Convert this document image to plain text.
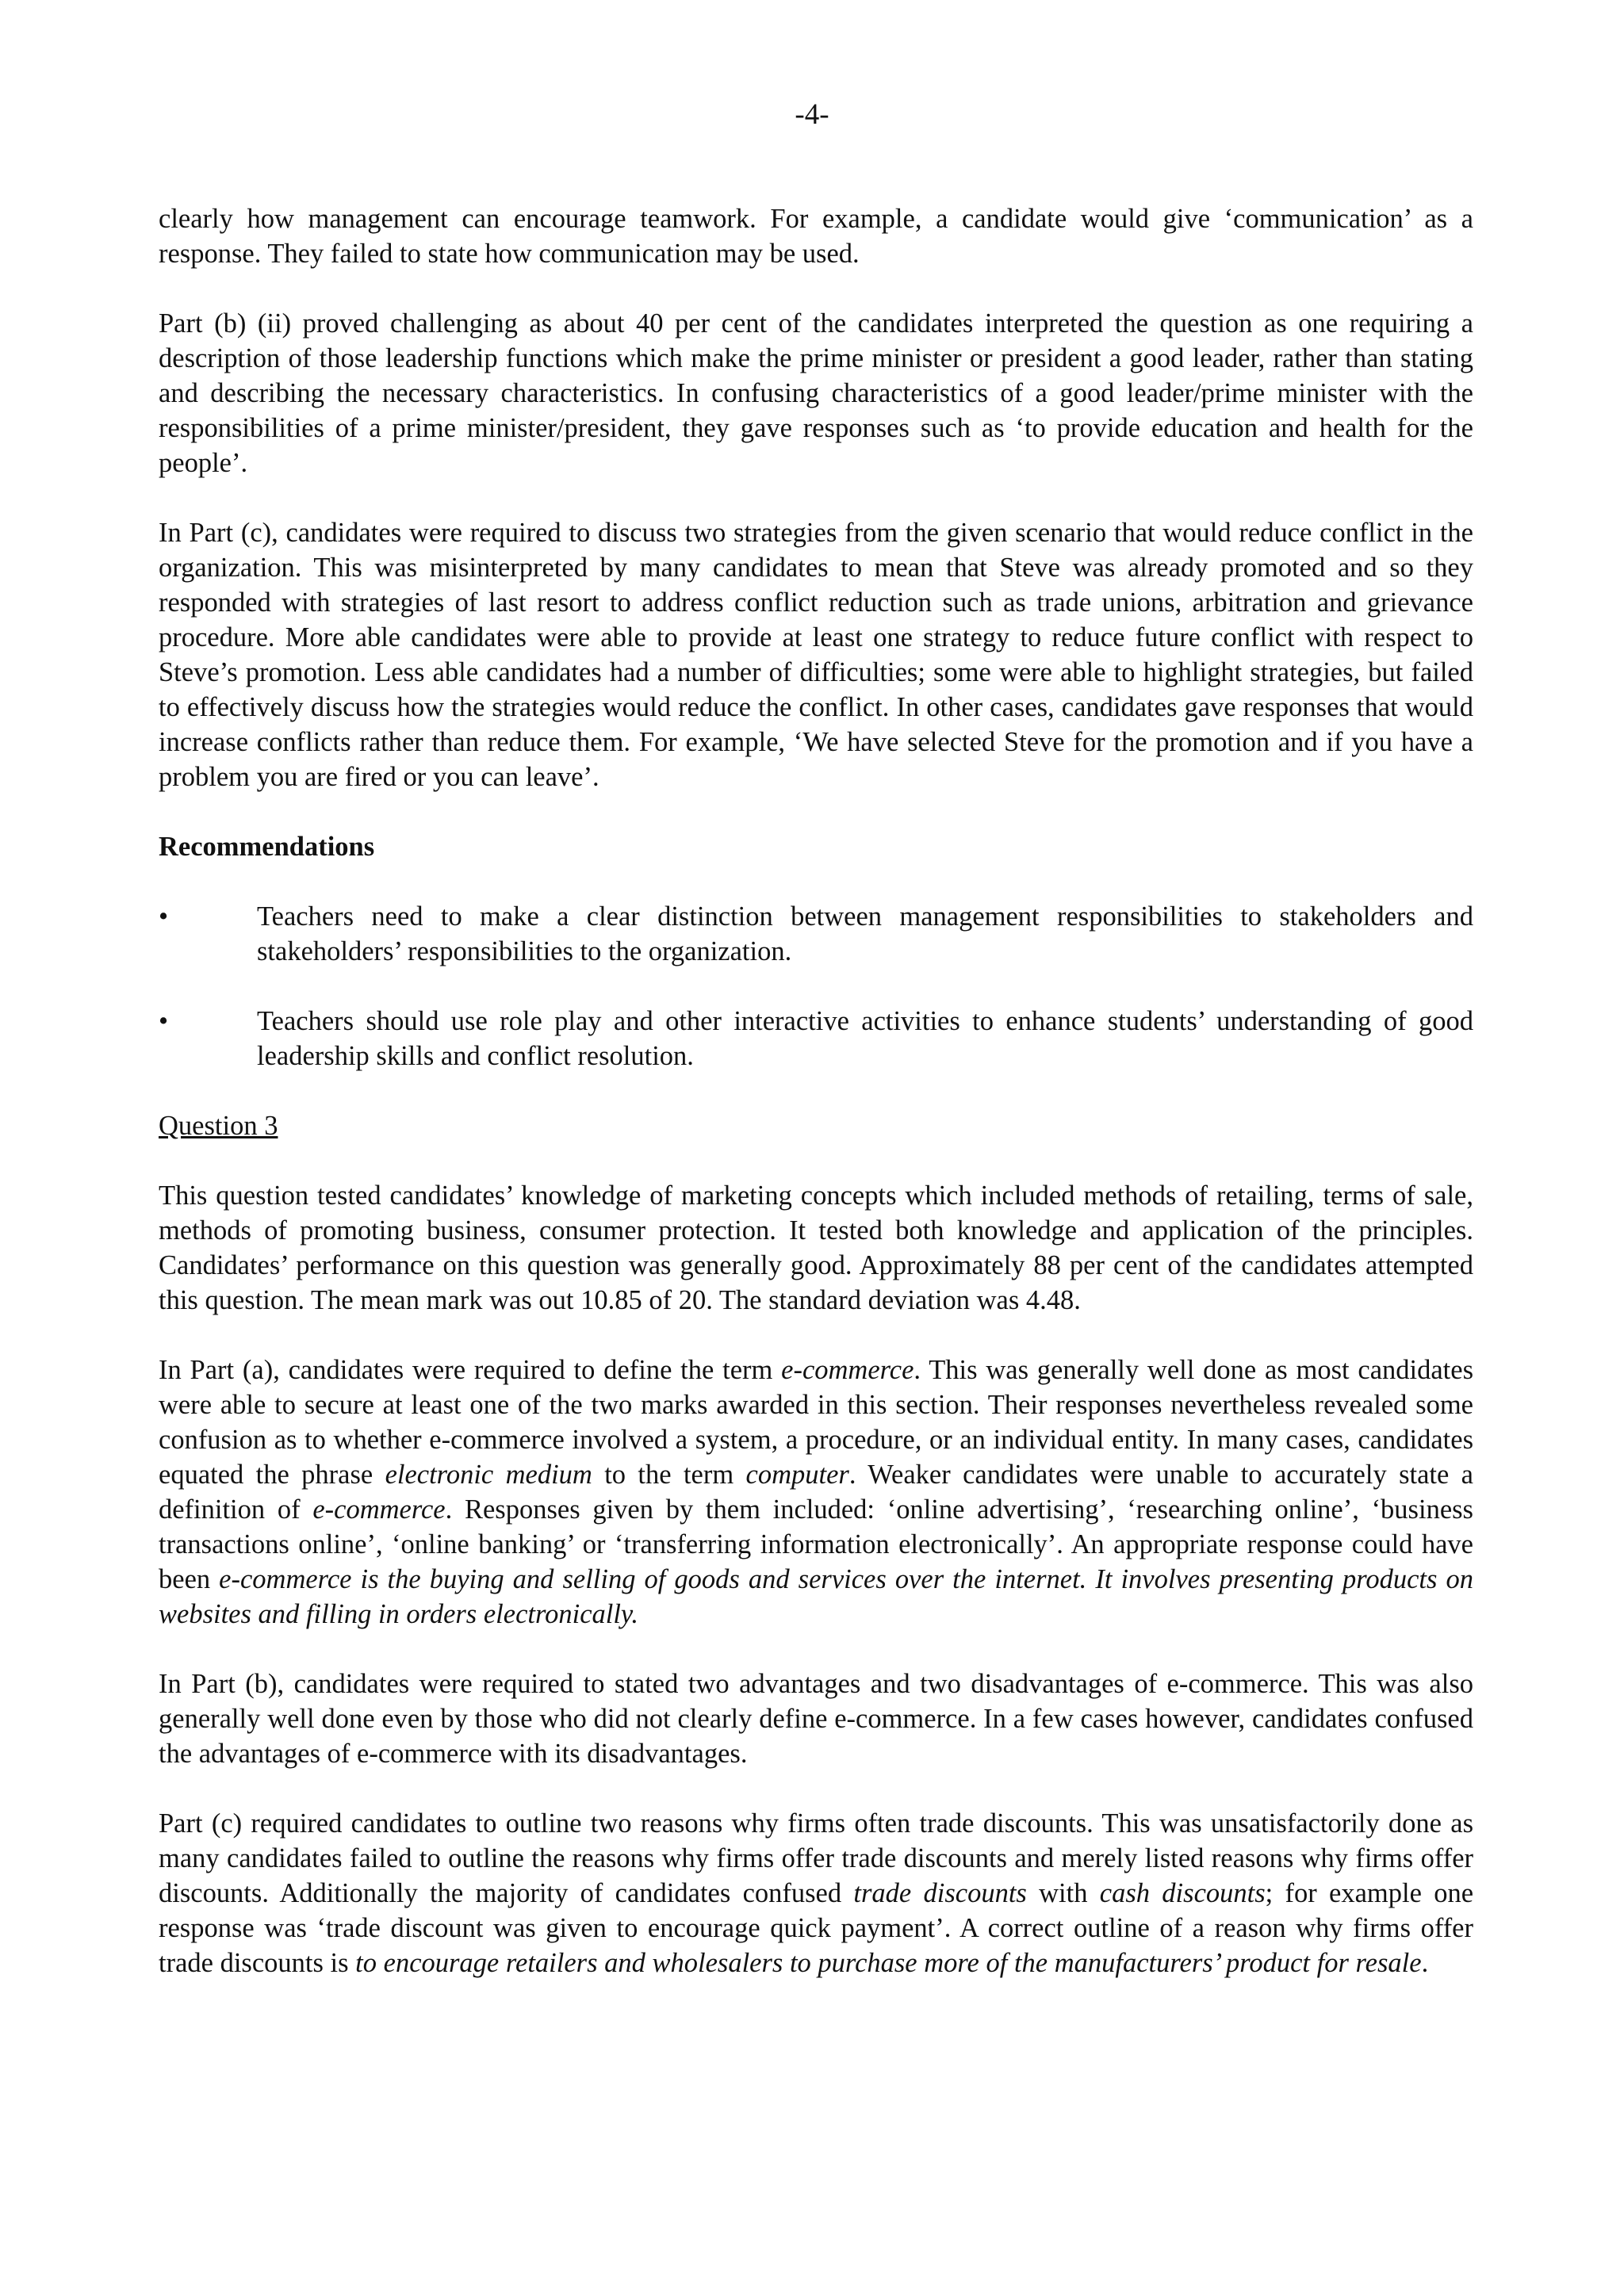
-4-

clearly how management can encourage teamwork. For example, a candidate would give ‘communication’ as a response. They failed to state how communication may be used.

Part (b) (ii) proved challenging as about 40 per cent of the candidates interpreted the question as one requiring a description of those leadership functions which make the prime minister or president a good leader, rather than stating and describing the necessary characteristics. In confusing characteristics of a good leader/prime minister with the responsibilities of a prime minister/president, they gave responses such as ‘to provide education and health for the people’.

In Part (c), candidates were required to discuss two strategies from the given scenario that would reduce conflict in the organization. This was misinterpreted by many candidates to mean that Steve was already promoted and so they responded with strategies of last resort to address conflict reduction such as trade unions, arbitration and grievance procedure. More able candidates were able to provide at least one strategy to reduce future conflict with respect to Steve’s promotion. Less able candidates had a number of difficulties; some were able to highlight strategies, but failed to effectively discuss how the strategies would reduce the conflict. In other cases, candidates gave responses that would increase conflicts rather than reduce them. For example, ‘We have selected Steve for the promotion and if you have a problem you are fired or you can leave’.

Recommendations
•	Teachers need to make a clear distinction between management responsibilities to stakeholders and stakeholders’ responsibilities to the organization.
•	Teachers should use role play and other interactive activities to enhance students’ understanding of good leadership skills and conflict resolution.
Question 3

This question tested candidates’ knowledge of marketing concepts which included methods of retailing, terms of sale, methods of promoting business, consumer protection. It tested both knowledge and application of the principles. Candidates’ performance on this question was generally good. Approximately 88 per cent of the candidates attempted this question. The mean mark was out 10.85 of 20. The standard deviation was 4.48.

In Part (a), candidates were required to define the term e-commerce. This was generally well done as most candidates were able to secure at least one of the two marks awarded in this section. Their responses nevertheless revealed some confusion as to whether e-commerce involved a system, a procedure, or an individual entity. In many cases, candidates equated the phrase electronic medium to the term computer. Weaker candidates were unable to accurately state a definition of e-commerce. Responses given by them included: ‘online advertising’, ‘researching online’, ‘business transactions online’, ‘online banking’ or ‘transferring information electronically’. An appropriate response could have been e-commerce is the buying and selling of goods and services over the internet. It involves presenting products on websites and filling in orders electronically.

In Part (b), candidates were required to stated two advantages and two disadvantages of e-commerce. This was also generally well done even by those who did not clearly define e-commerce. In a few cases however, candidates confused the advantages of e-commerce with its disadvantages.

Part (c) required candidates to outline two reasons why firms often trade discounts. This was unsatisfactorily done as many candidates failed to outline the reasons why firms offer trade discounts and merely listed reasons why firms offer discounts. Additionally the majority of candidates confused trade discounts with cash discounts; for example one response was ‘trade discount was given to encourage quick payment’. A correct outline of a reason why firms offer trade discounts is to encourage retailers and wholesalers to purchase more of the manufacturers’ product for resale.
